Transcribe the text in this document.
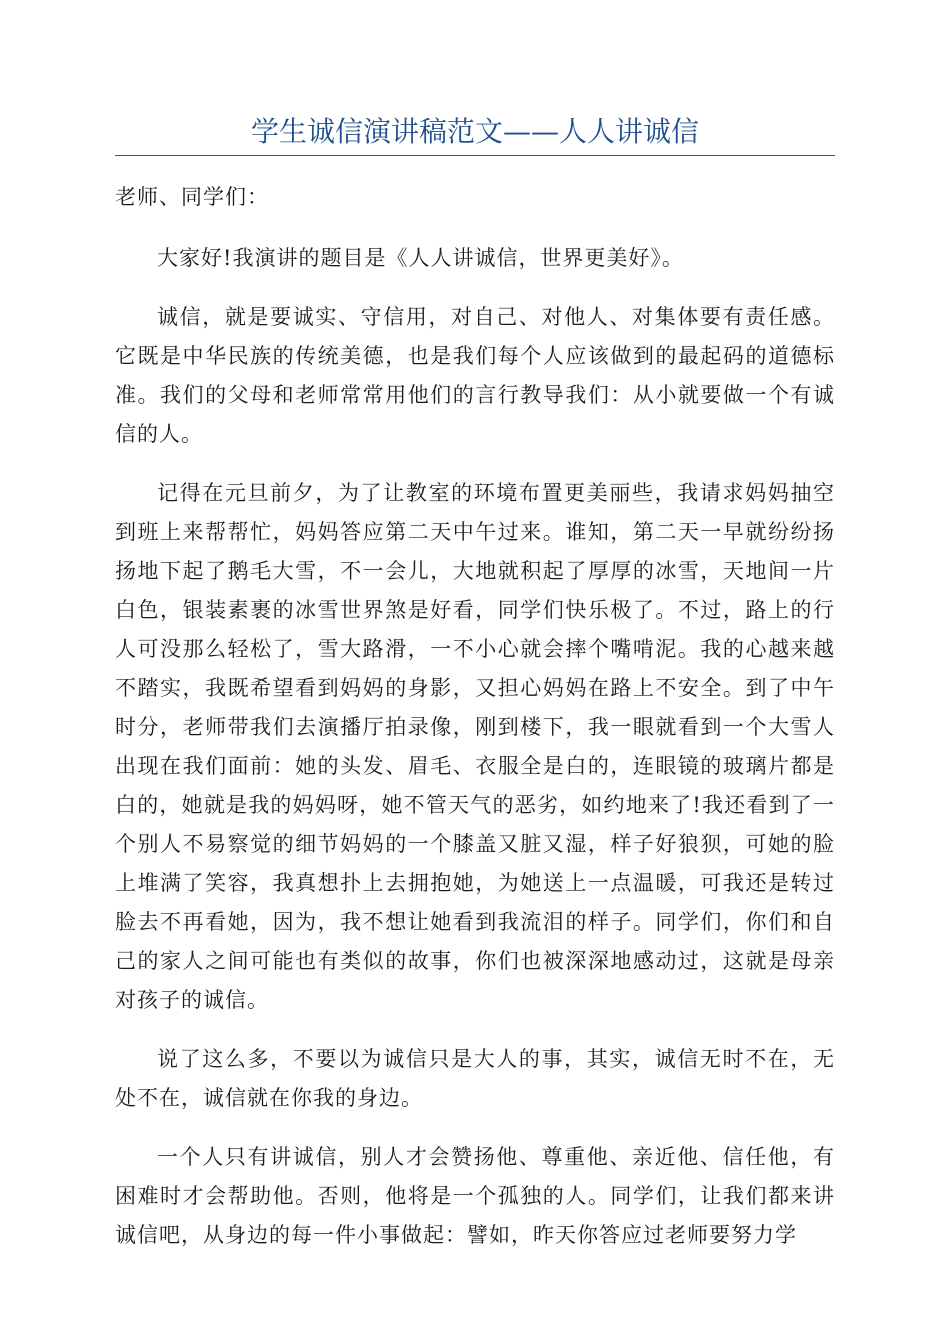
学生诚信演讲稿范文——人人讲诚信

老师、同学们：

大家好!我演讲的题目是《人人讲诚信，世界更美好》。

诚信，就是要诚实、守信用，对自己、对他人、对集体要有责任感。它既是中华民族的传统美德，也是我们每个人应该做到的最起码的道德标准。我们的父母和老师常常用他们的言行教导我们：从小就要做一个有诚信的人。

记得在元旦前夕，为了让教室的环境布置更美丽些，我请求妈妈抽空到班上来帮帮忙，妈妈答应第二天中午过来。谁知，第二天一早就纷纷扬扬地下起了鹅毛大雪，不一会儿，大地就积起了厚厚的冰雪，天地间一片白色，银装素裹的冰雪世界煞是好看，同学们快乐极了。不过，路上的行人可没那么轻松了，雪大路滑，一不小心就会摔个嘴啃泥。我的心越来越不踏实，我既希望看到妈妈的身影，又担心妈妈在路上不安全。到了中午时分，老师带我们去演播厅拍录像，刚到楼下，我一眼就看到一个大雪人出现在我们面前：她的头发、眉毛、衣服全是白的，连眼镜的玻璃片都是白的，她就是我的妈妈呀，她不管天气的恶劣，如约地来了!我还看到了一个别人不易察觉的细节妈妈的一个膝盖又脏又湿，样子好狼狈，可她的脸上堆满了笑容，我真想扑上去拥抱她，为她送上一点温暖，可我还是转过脸去不再看她，因为，我不想让她看到我流泪的样子。同学们，你们和自己的家人之间可能也有类似的故事，你们也被深深地感动过，这就是母亲对孩子的诚信。

说了这么多，不要以为诚信只是大人的事，其实，诚信无时不在，无处不在，诚信就在你我的身边。

一个人只有讲诚信，别人才会赞扬他、尊重他、亲近他、信任他，有困难时才会帮助他。否则，他将是一个孤独的人。同学们，让我们都来讲诚信吧，从身边的每一件小事做起：譬如，昨天你答应过老师要努力学
